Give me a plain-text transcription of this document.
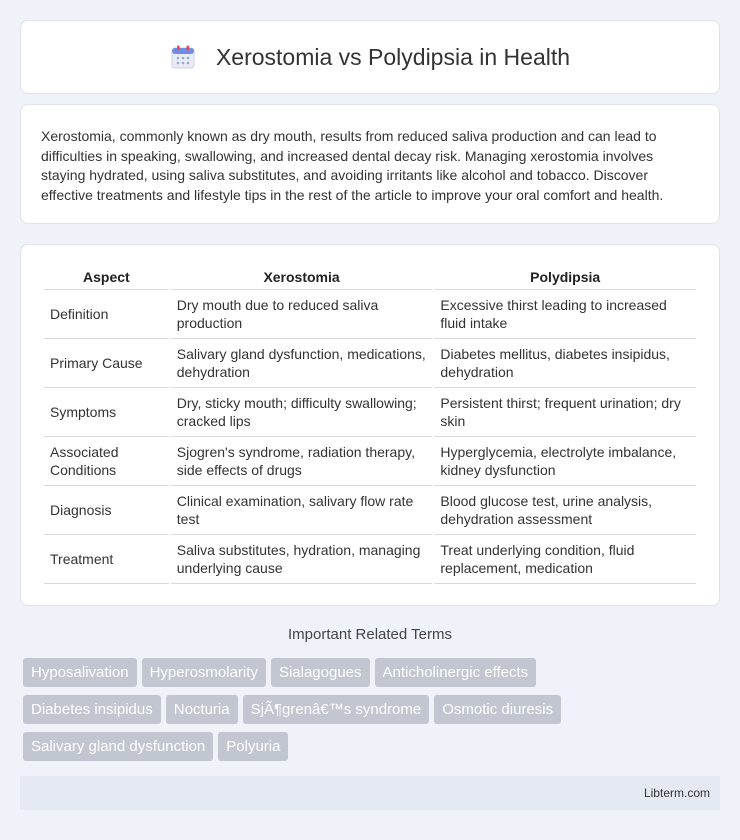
Xerostomia vs Polydipsia in Health

Xerostomia, commonly known as dry mouth, results from reduced saliva production and can lead to difficulties in speaking, swallowing, and increased dental decay risk. Managing xerostomia involves staying hydrated, using saliva substitutes, and avoiding irritants like alcohol and tobacco. Discover effective treatments and lifestyle tips in the rest of the article to improve your oral comfort and health.

Aspect	Xerostomia	Polydipsia
Definition	Dry mouth due to reduced saliva production	Excessive thirst leading to increased fluid intake
Primary Cause	Salivary gland dysfunction, medications, dehydration	Diabetes mellitus, diabetes insipidus, dehydration
Symptoms	Dry, sticky mouth; difficulty swallowing; cracked lips	Persistent thirst; frequent urination; dry skin
Associated Conditions	Sjogren's syndrome, radiation therapy, side effects of drugs	Hyperglycemia, electrolyte imbalance, kidney dysfunction
Diagnosis	Clinical examination, salivary flow rate test	Blood glucose test, urine analysis, dehydration assessment
Treatment	Saliva substitutes, hydration, managing underlying cause	Treat underlying condition, fluid replacement, medication
Important Related Terms
Hyposalivation Hyperosmolarity Sialagogues Anticholinergic effects
Diabetes insipidus Nocturia SjÃ¶grenâ€™s syndrome Osmotic diuresis
Salivary gland dysfunction Polyuria
Libterm.com
